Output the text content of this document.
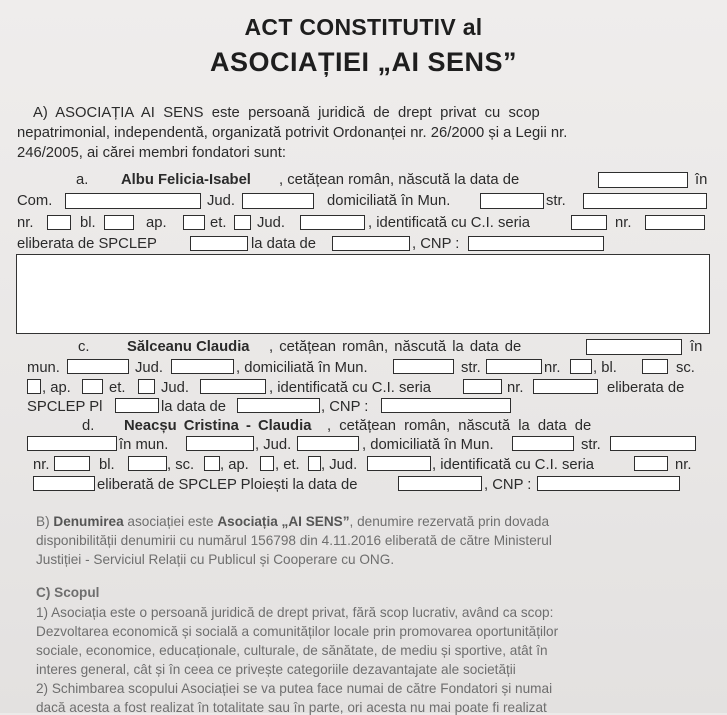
ACT CONSTITUTIV al
ASOCIAȚIEI „AI SENS”
A) ASOCIAȚIA AI SENS este persoană juridică de drept privat cu scop
nepatrimonial, independentă, organizată potrivit Ordonanței nr. 26/2000 și a Legii nr.
246/2005, ai cărei membri fondatori sunt:
a. Albu Felicia-Isabel , cetățean român, născută la data de	în
Com.	Jud.	domiciliată în Mun.	str.
nr.	bl.	ap.	et. Jud.	, identificată cu C.I. seria	nr.
eliberata de SPCLEP	la data de	, CNP :
c.	Sălceanu Claudia , cetățean român, născută la data de	în
mun.	Jud.	, domiciliată în Mun.	str.	nr. , bl.	sc.
, ap.	et. Jud.	, identificată cu C.I. seria	nr.	eliberata de
SPCLEP Pl	la data de	, CNP :
d. Neacșu Cristina - Claudia , cetățean român, născută la data de
în mun.	, Jud.	, domiciliată în Mun.	str.
nr.	bl.	, sc. , ap. , et. , Jud.	, identificată cu C.I. seria	nr.
eliberată de SPCLEP Ploiești la data de	, CNP :
B) Denumirea asociației este Asociația „AI SENS”, denumire rezervată prin dovada
disponibilității denumirii cu numărul 156798 din 4.11.2016 eliberată de către Ministerul
Justiției - Serviciul Relații cu Publicul și Cooperare cu ONG.
C) Scopul
1) Asociația este o persoană juridică de drept privat, fără scop lucrativ, având ca scop:
Dezvoltarea economică și socială a comunităților locale prin promovarea oportunităților
sociale, economice, educaționale, culturale, de sănătate, de mediu și sportive, atât în
interes general, cât și în ceea ce privește categoriile dezavantajate ale societății
2) Schimbarea scopului Asociației se va putea face numai de către Fondatori și numai
dacă acesta a fost realizat în totalitate sau în parte, ori acesta nu mai poate fi realizat
